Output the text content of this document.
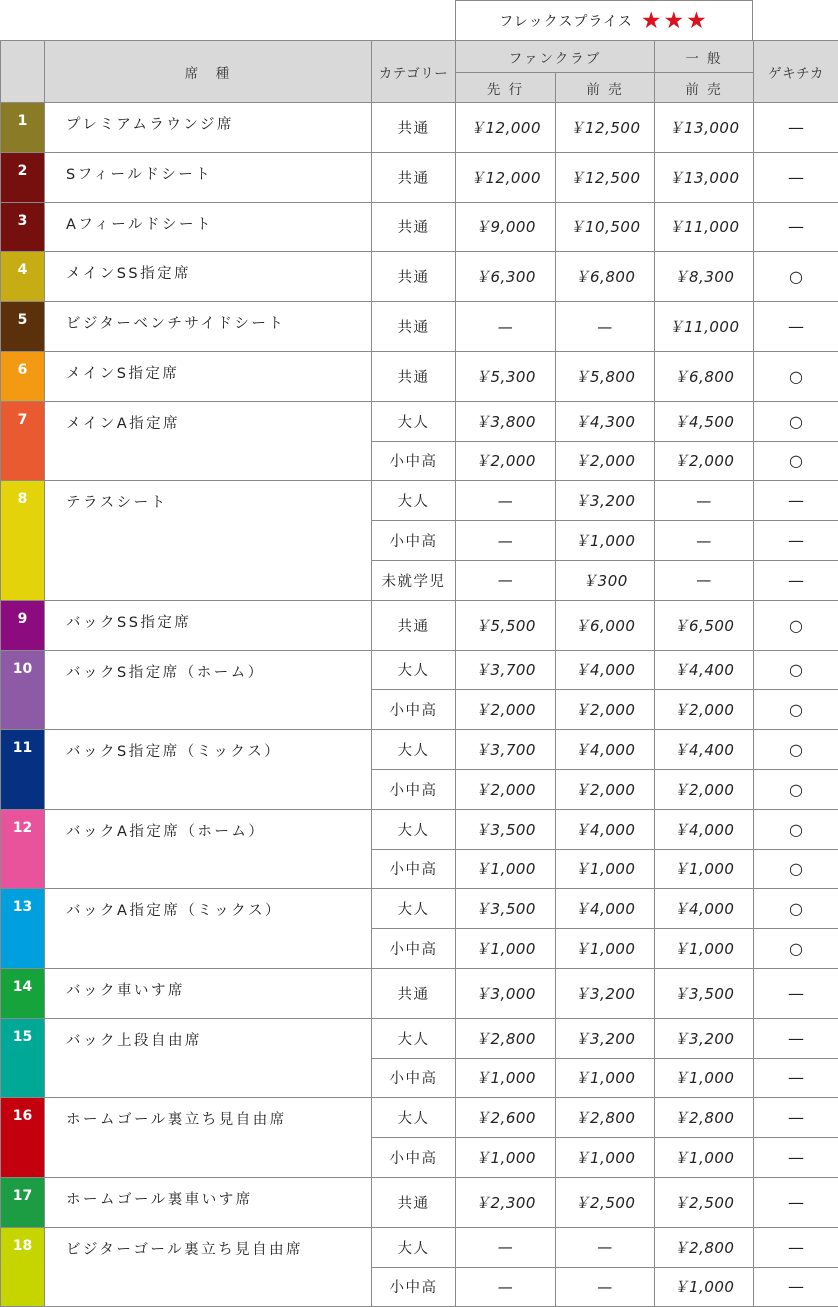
フレックスプライス ★★★
	席　種	カテゴリー	ファンクラブ		一 般	ゲキチカ
			先 行	前 売	前 売	
1	プレミアムラウンジ席	共通	￥12,000	￥12,500	￥13,000	—
2	Sフィールドシート	共通	￥12,000	￥12,500	￥13,000	—
3	Aフィールドシート	共通	￥9,000	￥10,500	￥11,000	—
4	メインSS指定席	共通	￥6,300	￥6,800	￥8,300	○
5	ビジターベンチサイドシート	共通	—	—	￥11,000	—
6	メインS指定席	共通	￥5,300	￥5,800	￥6,800	○
7	メインA指定席	大人	￥3,800	￥4,300	￥4,500	○
		小中高	￥2,000	￥2,000	￥2,000	○
8	テラスシート	大人	—	￥3,200	—	—
		小中高	—	￥1,000	—	—
		未就学児	—	￥300	—	—
9	バックSS指定席	共通	￥5,500	￥6,000	￥6,500	○
10	バックS指定席（ホーム）	大人	￥3,700	￥4,000	￥4,400	○
		小中高	￥2,000	￥2,000	￥2,000	○
11	バックS指定席（ミックス）	大人	￥3,700	￥4,000	￥4,400	○
		小中高	￥2,000	￥2,000	￥2,000	○
12	バックA指定席（ホーム）	大人	￥3,500	￥4,000	￥4,000	○
		小中高	￥1,000	￥1,000	￥1,000	○
13	バックA指定席（ミックス）	大人	￥3,500	￥4,000	￥4,000	○
		小中高	￥1,000	￥1,000	￥1,000	○
14	バック車いす席	共通	￥3,000	￥3,200	￥3,500	—
15	バック上段自由席	大人	￥2,800	￥3,200	￥3,200	—
		小中高	￥1,000	￥1,000	￥1,000	—
16	ホームゴール裏立ち見自由席	大人	￥2,600	￥2,800	￥2,800	—
		小中高	￥1,000	￥1,000	￥1,000	—
17	ホームゴール裏車いす席	共通	￥2,300	￥2,500	￥2,500	—
18	ビジターゴール裏立ち見自由席	大人	—	—	￥2,800	—
		小中高	—	—	￥1,000	—
